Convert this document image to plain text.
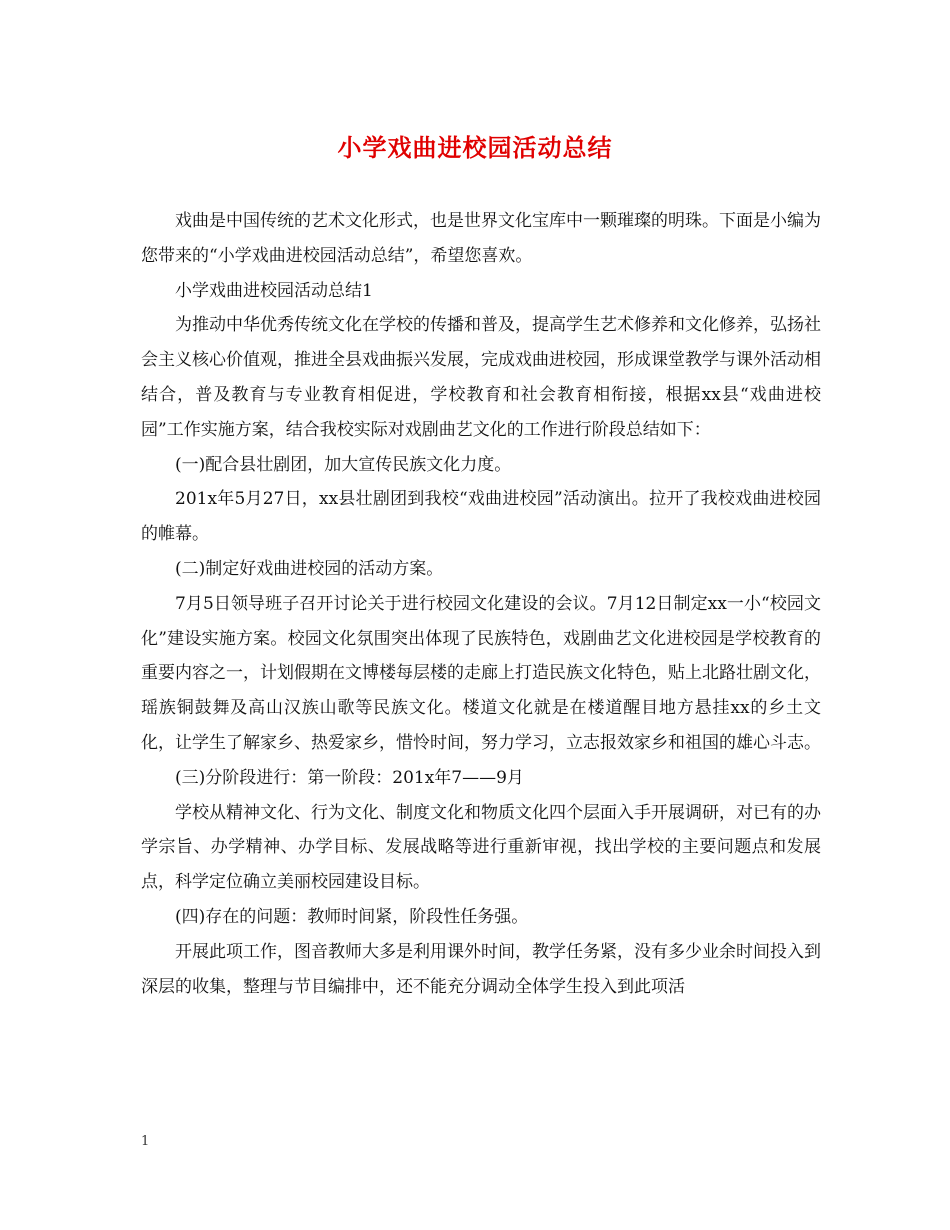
小学戏曲进校园活动总结

戏曲是中国传统的艺术文化形式，也是世界文化宝库中一颗璀璨的明珠。下面是小编为您带来的“小学戏曲进校园活动总结”，希望您喜欢。

小学戏曲进校园活动总结1

为推动中华优秀传统文化在学校的传播和普及，提高学生艺术修养和文化修养，弘扬社会主义核心价值观，推进全县戏曲振兴发展，完成戏曲进校园，形成课堂教学与课外活动相结合，普及教育与专业教育相促进，学校教育和社会教育相衔接，根据xx县“戏曲进校园”工作实施方案，结合我校实际对戏剧曲艺文化的工作进行阶段总结如下：

(一)配合县壮剧团，加大宣传民族文化力度。

201x年5月27日，xx县壮剧团到我校“戏曲进校园”活动演出。拉开了我校戏曲进校园的帷幕。

(二)制定好戏曲进校园的活动方案。

7月5日领导班子召开讨论关于进行校园文化建设的会议。7月12日制定xx一小“校园文化”建设实施方案。校园文化氛围突出体现了民族特色，戏剧曲艺文化进校园是学校教育的重要内容之一，计划假期在文博楼每层楼的走廊上打造民族文化特色，贴上北路壮剧文化，瑶族铜鼓舞及高山汉族山歌等民族文化。楼道文化就是在楼道醒目地方悬挂xx的乡土文化，让学生了解家乡、热爱家乡，惜怜时间，努力学习，立志报效家乡和祖国的雄心斗志。

(三)分阶段进行：第一阶段：201x年7——9月

学校从精神文化、行为文化、制度文化和物质文化四个层面入手开展调研，对已有的办学宗旨、办学精神、办学目标、发展战略等进行重新审视，找出学校的主要问题点和发展点，科学定位确立美丽校园建设目标。

(四)存在的问题：教师时间紧，阶段性任务强。

开展此项工作，图音教师大多是利用课外时间，教学任务紧，没有多少业余时间投入到深层的收集，整理与节目编排中，还不能充分调动全体学生投入到此项活

1
